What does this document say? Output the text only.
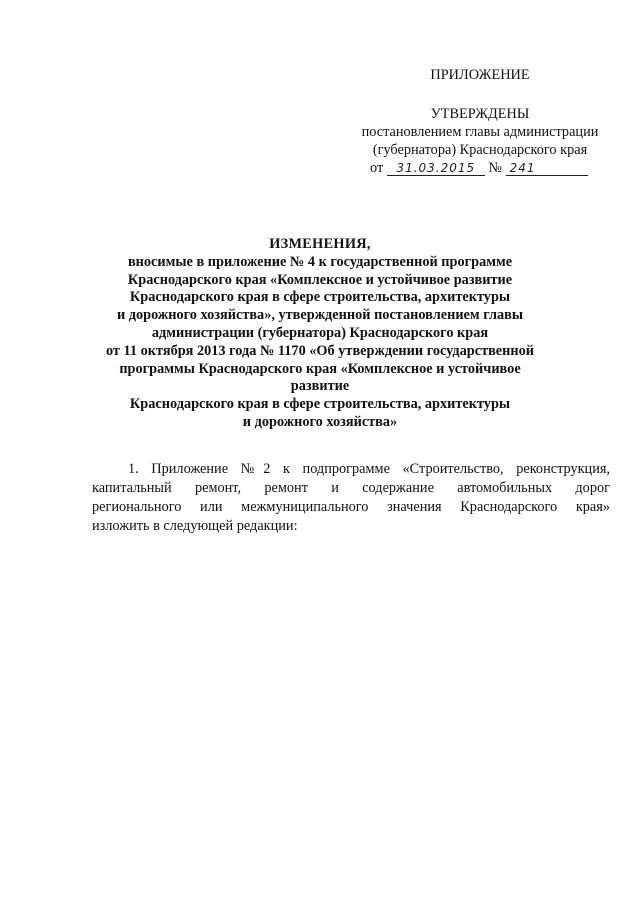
ПРИЛОЖЕНИЕ
УТВЕРЖДЕНЫ
постановлением главы администрации
(губернатора) Краснодарского края
от 31.03.2015 № 241
ИЗМЕНЕНИЯ,
вносимые в приложение № 4 к государственной программе
Краснодарского края «Комплексное и устойчивое развитие
Краснодарского края в сфере строительства, архитектуры
и дорожного хозяйства», утвержденной постановлением главы
администрации (губернатора) Краснодарского края
от 11 октября 2013 года № 1170 «Об утверждении государственной
программы Краснодарского края «Комплексное и устойчивое развитие
Краснодарского края в сфере строительства, архитектуры
и дорожного хозяйства»
1. Приложение №2 к подпрограмме «Строительство, реконструкция,
капитальный ремонт, ремонт и содержание автомобильных дорог
регионального или межмуниципального значения Краснодарского края»
изложить в следующей редакции:
